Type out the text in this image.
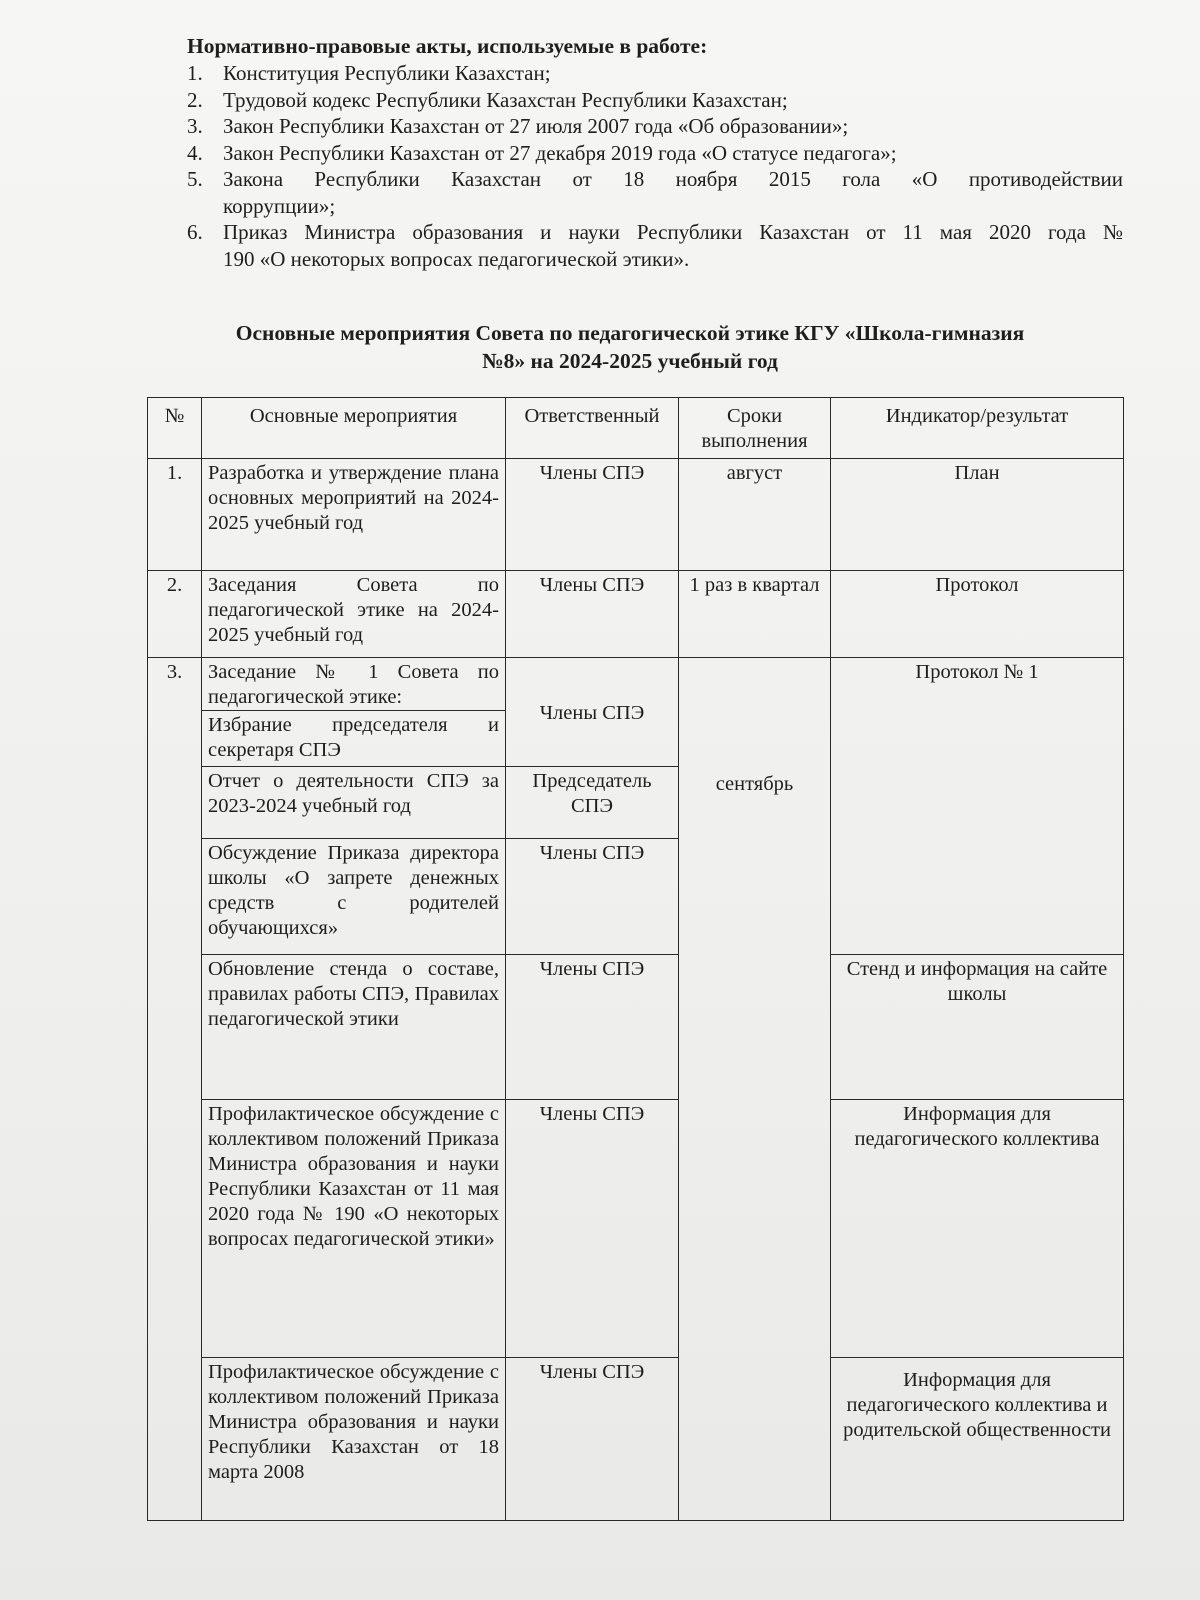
Нормативно-правовые акты, используемые в работе:
1. Конституция Республики Казахстан;
2. Трудовой кодекс Республики Казахстан Республики Казахстан;
3. Закон Республики Казахстан от 27 июля 2007 года «Об образовании»;
4. Закон Республики Казахстан от 27 декабря 2019 года «О статусе педагога»;
5. Закона Республики Казахстан от 18 ноября 2015 гола «О противодействии
коррупции»;
6. Приказ Министра образования и науки Республики Казахстан от 11 мая 2020 года №
190 «О некоторых вопросах педагогической этики».
Основные мероприятия Совета по педагогической этике КГУ «Школа-гимназия
№8» на 2024-2025 учебный год
№	Основные мероприятия	Ответственный	Сроки выполнения	Индикатор/результат
1.	Разработка и утверждение плана основных мероприятий на 2024-2025 учебный год	Члены СПЭ	август	План
2.	Заседания Совета по педагогической этике на 2024-2025 учебный год	Члены СПЭ	1 раз в квартал	Протокол
3.	Заседание № 1 Совета по педагогической этике:	Члены СПЭ	сентябрь	Протокол № 1
	Избрание председателя и секретаря СПЭ			
	Отчет о деятельности СПЭ за 2023-2024 учебный год	Председатель СПЭ		
	Обсуждение Приказа директора школы «О запрете денежных средств с родителей обучающихся»	Члены СПЭ		
	Обновление стенда о составе, правилах работы СПЭ, Правилах педагогической этики	Члены СПЭ		Стенд и информация на сайте школы
	Профилактическое обсуждение с коллективом положений Приказа Министра образования и науки Республики Казахстан от 11 мая 2020 года № 190 «О некоторых вопросах педагогической этики»	Члены СПЭ		Информация для педагогического коллектива
	Профилактическое обсуждение с коллективом положений Приказа Министра образования и науки Республики Казахстан от 18 марта 2008	Члены СПЭ		Информация для педагогического коллектива и родительской общественности
